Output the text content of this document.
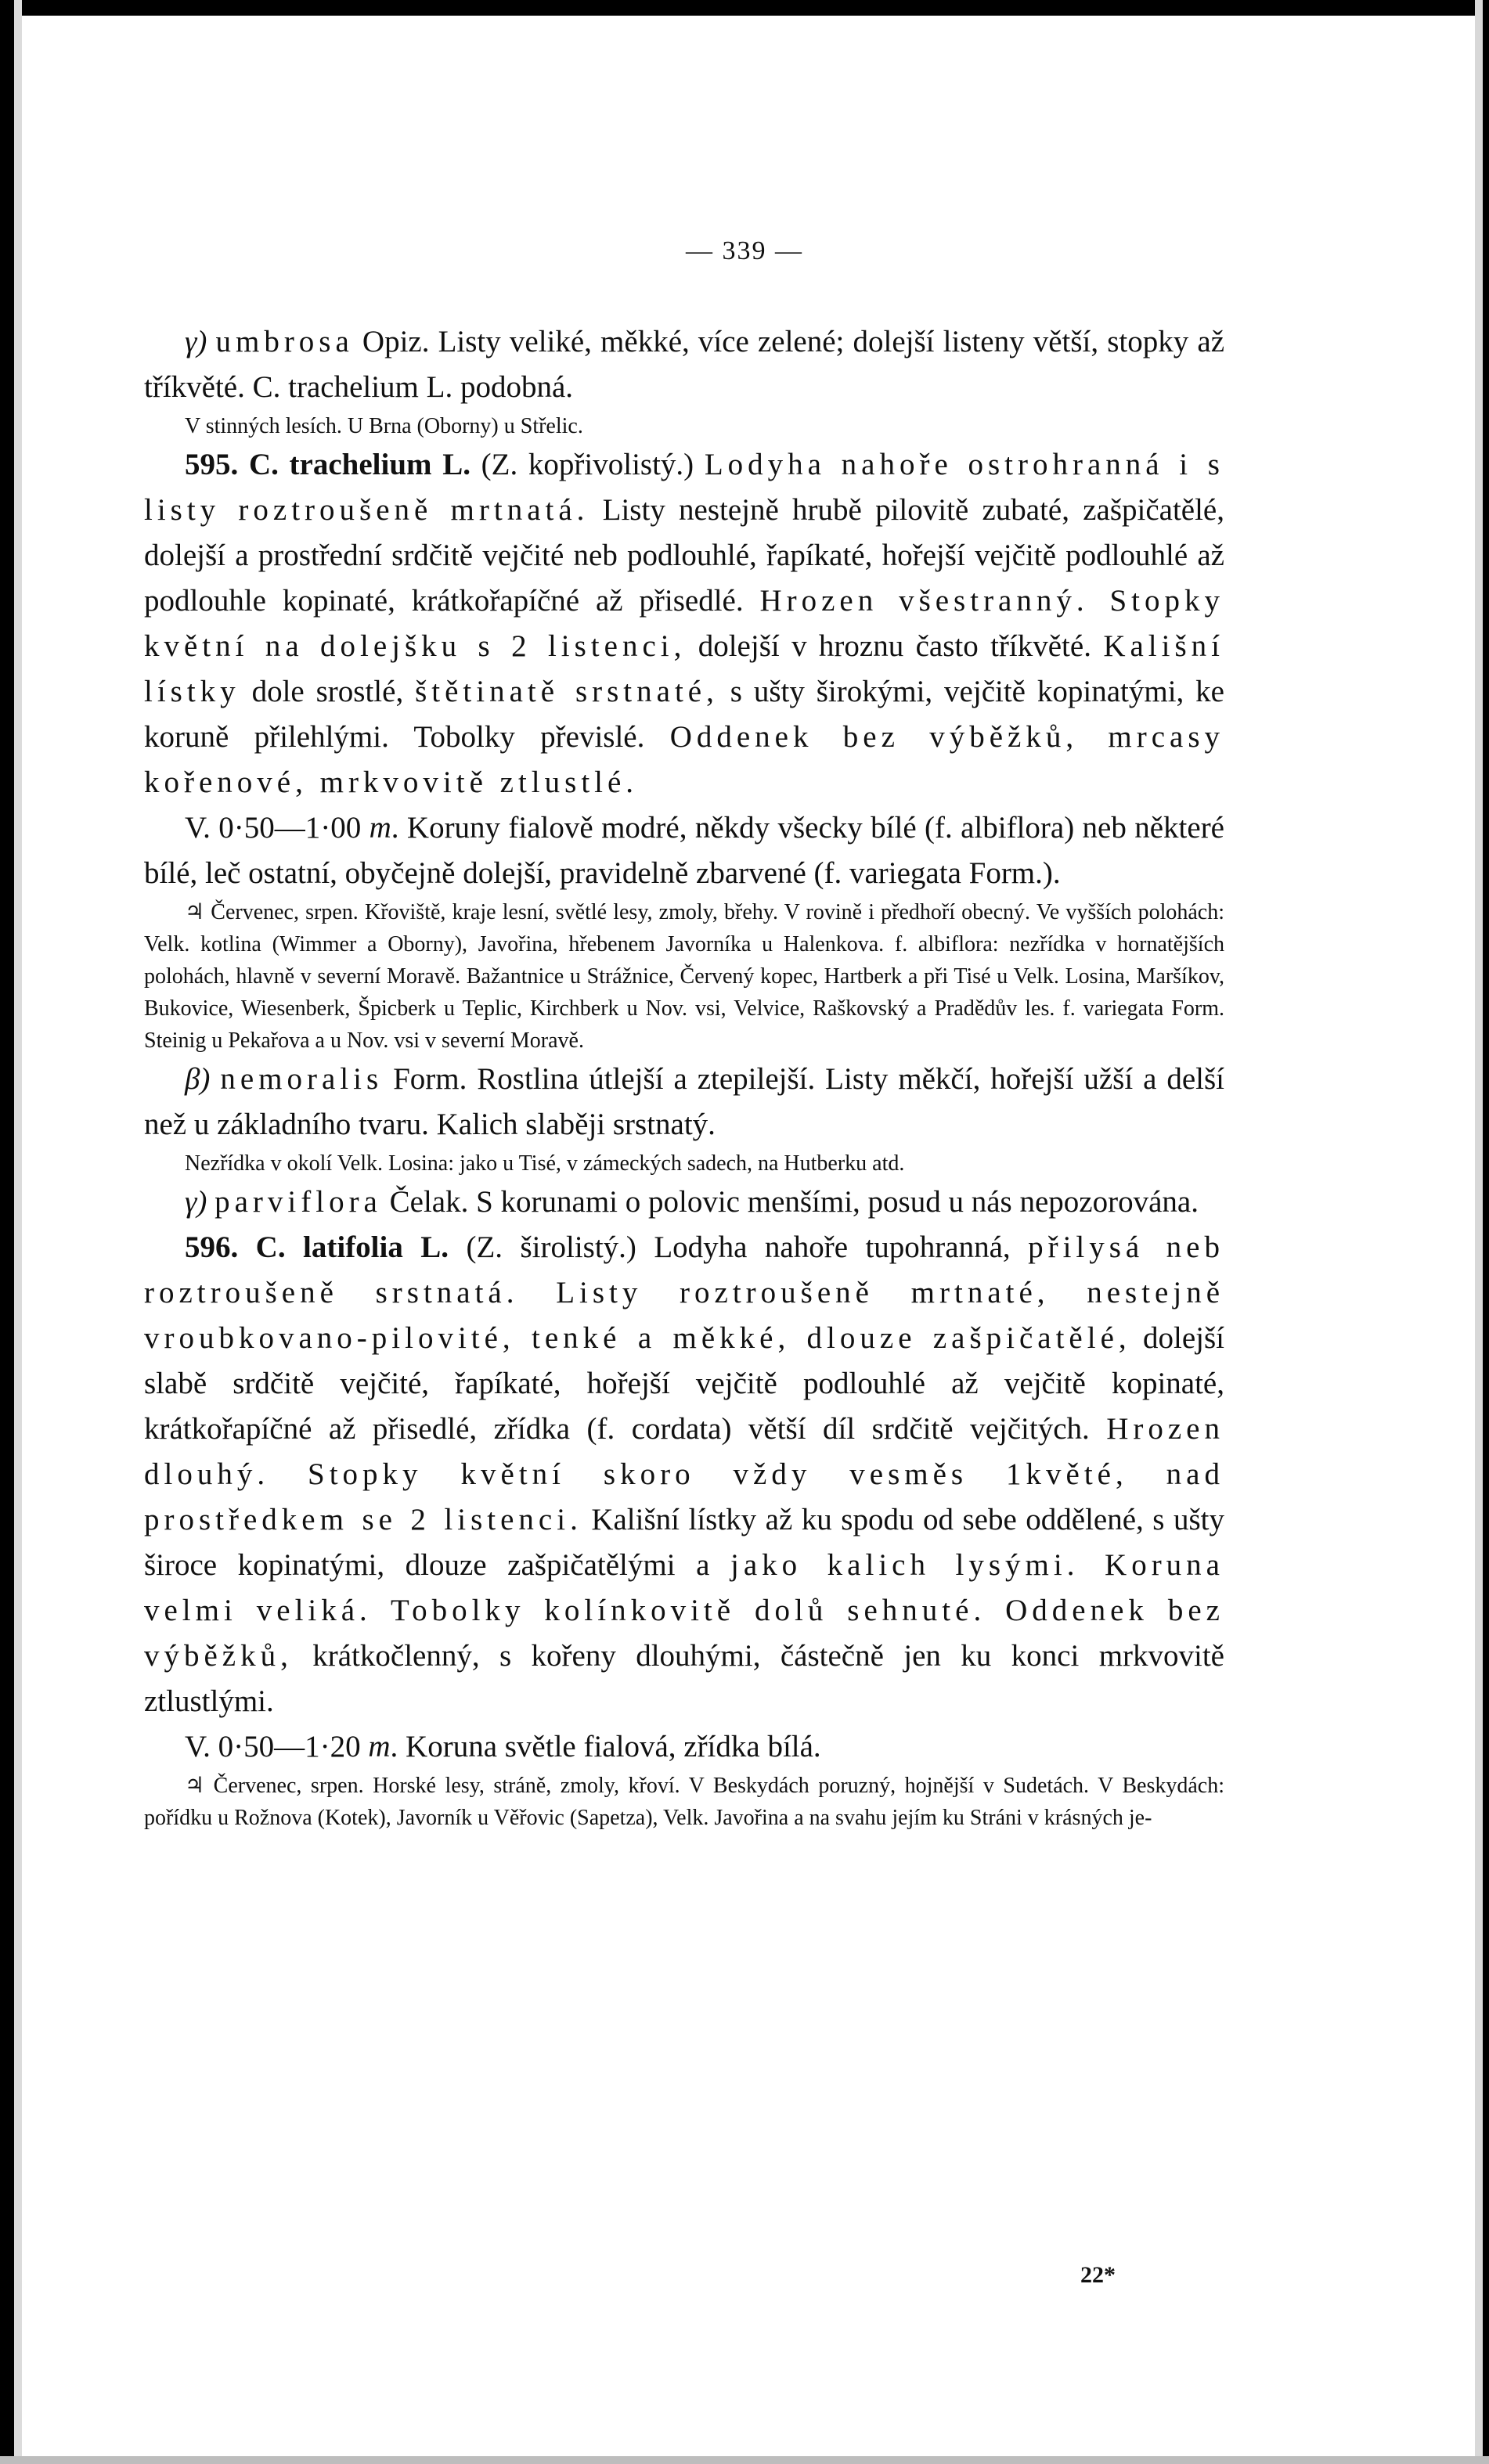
— 339 —

γ) umbrosa Opiz. Listy veliké, měkké, více zelené; dolejší listeny větší, stopky až tříkvěté. C. trachelium L. podobná.

V stinných lesích. U Brna (Oborny) u Střelic.

595. C. trachelium L. (Z. kopřivolistý.) Lodyha nahoře ostrohranná i s listy roztroušeně mrtnatá. Listy nestejně hrubě pilovitě zubaté, zašpičatělé, dolejší a prostřední srdčitě vejčité neb podlouhlé, řapíkaté, hořejší vejčitě podlouhlé až podlouhle kopinaté, krátkořapíčné až přisedlé. Hrozen všestranný. Stopky květní na dolejšku s 2 listenci, dolejší v hroznu často tříkvěté. Kališní lístky dole srostlé, štětinatě srstnaté, s ušty širokými, vejčitě kopinatými, ke koruně přilehlými. Tobolky převislé. Oddenek bez výběžků, mrcasy kořenové, mrkvovitě ztlustlé.

V. 0·50—1·00 m. Koruny fialově modré, někdy všecky bílé (f. albiflora) neb některé bílé, leč ostatní, obyčejně dolejší, pravidelně zbarvené (f. variegata Form.).

♃ Červenec, srpen. Křoviště, kraje lesní, světlé lesy, zmoly, břehy. V rovině i předhoří obecný. Ve vyšších polohách: Velk. kotlina (Wimmer a Oborny), Javořina, hřebenem Javorníka u Halenkova. f. albiflora: nezřídka v hornatějších polohách, hlavně v severní Moravě. Bažantnice u Strážnice, Červený kopec, Hartberk a při Tisé u Velk. Losina, Maršíkov, Bukovice, Wiesenberk, Špicberk u Teplic, Kirchberk u Nov. vsi, Velvice, Raškovský a Pradědův les. f. variegata Form. Steinig u Pekařova a u Nov. vsi v severní Moravě.

β) nemoralis Form. Rostlina útlejší a ztepilejší. Listy měkčí, hořejší užší a delší než u základního tvaru. Kalich slaběji srstnatý.

Nezřídka v okolí Velk. Losina: jako u Tisé, v zámeckých sadech, na Hutberku atd.

γ) parviflora Čelak. S korunami o polovic menšími, posud u nás nepozorována.

596. C. latifolia L. (Z. širolistý.) Lodyha nahoře tupohranná, přilysá neb roztroušeně srstnatá. Listy roztroušeně mrtnaté, nestejně vroubkovano-pilovité, tenké a měkké, dlouze zašpičatělé, dolejší slabě srdčitě vejčité, řapíkaté, hořejší vejčitě podlouhlé až vejčitě kopinaté, krátkořapíčné až přisedlé, zřídka (f. cordata) větší díl srdčitě vejčitých. Hrozen dlouhý. Stopky květní skoro vždy vesměs 1květé, nad prostředkem se 2 listenci. Kališní lístky až ku spodu od sebe oddělené, s ušty široce kopinatými, dlouze zašpičatělými a jako kalich lysými. Koruna velmi veliká. Tobolky kolínkovitě dolů sehnuté. Oddenek bez výběžků, krátkočlenný, s kořeny dlouhými, částečně jen ku konci mrkvovitě ztlustlými.

V. 0·50—1·20 m. Koruna světle fialová, zřídka bílá.

♃ Červenec, srpen. Horské lesy, stráně, zmoly, křoví. V Beskydách poruzný, hojnější v Sudetách. V Beskydách: pořídku u Rožnova (Kotek), Javorník u Věřovic (Sapetza), Velk. Javořina a na svahu jejím ku Stráni v krásných je-

22*
